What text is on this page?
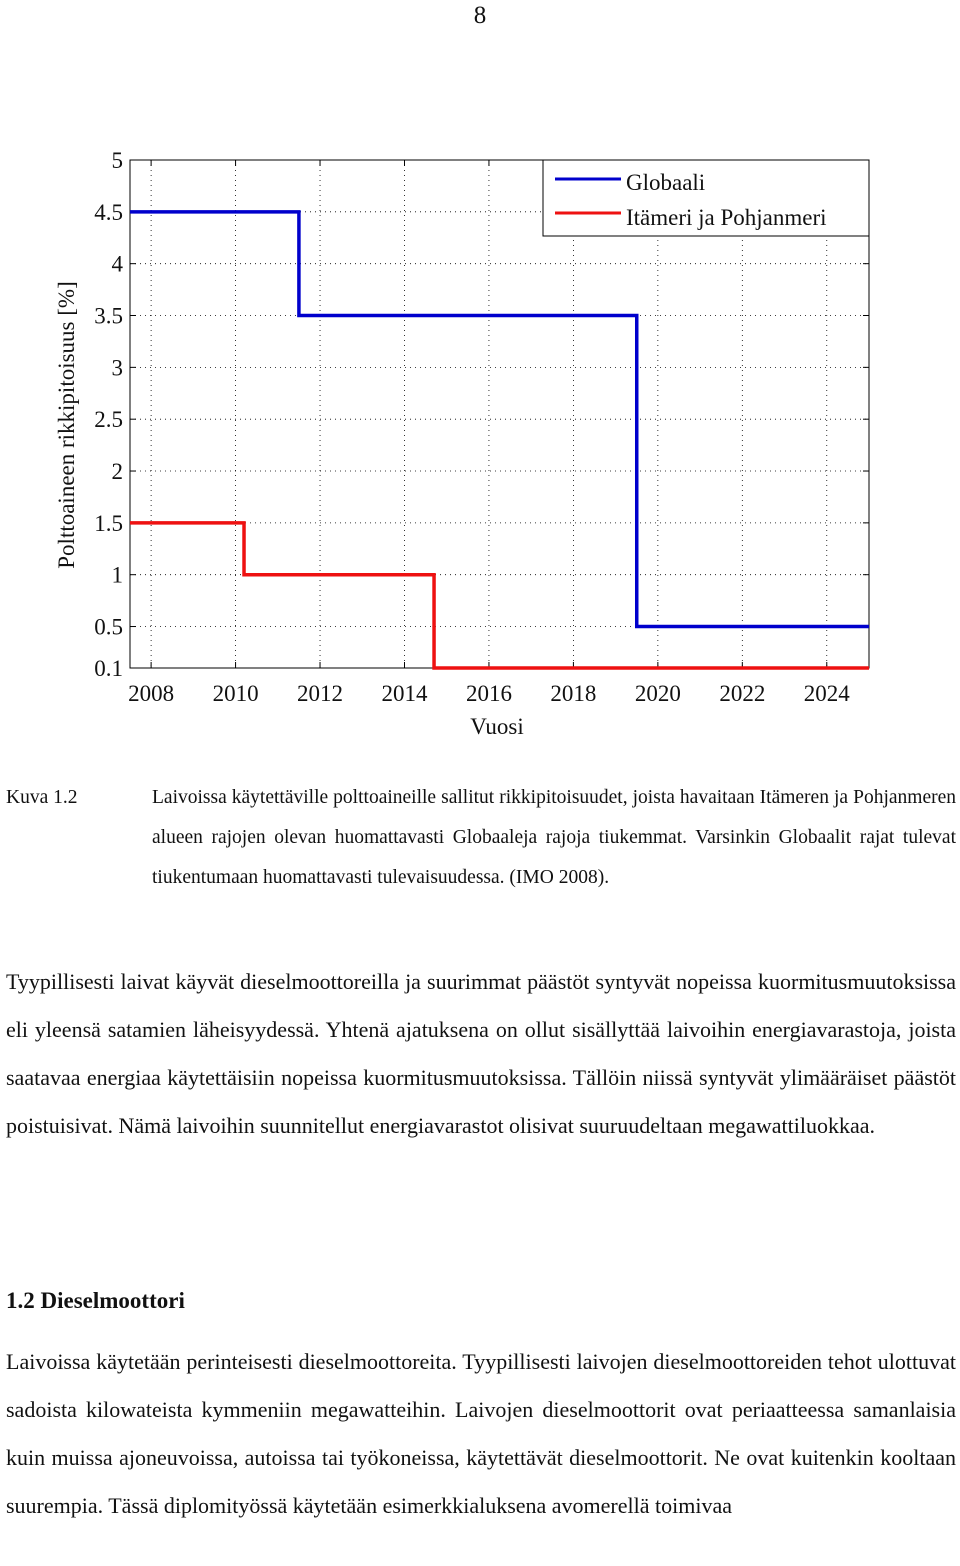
8
0.1
0.5
1
1.5
2
2.5
3
3.5
4
4.5
5
2008 2010 2012 2014 2016 2018 2020 2022 2024
Vuosi
Polttoaineen rikkipitoisuus [%]
Globaali
Itämeri ja Pohjanmeri
Kuva 1.2	Laivoissa käytettäville polttoaineille sallitut rikkipitoisuudet, joista havaitaan Itämeren ja Pohjanmeren alueen rajojen olevan huomattavasti Globaaleja rajoja tiukemmat. Varsinkin Globaalit rajat tulevat tiukentumaan huomattavasti tulevaisuudessa. (IMO 2008).
Tyypillisesti laivat käyvät dieselmoottoreilla ja suurimmat päästöt syntyvät nopeissa kuormitusmuutoksissa eli yleensä satamien läheisyydessä. Yhtenä ajatuksena on ollut sisällyttää laivoihin energiavarastoja, joista saatavaa energiaa käytettäisiin nopeissa kuormitusmuutoksissa. Tällöin niissä syntyvät ylimääräiset päästöt poistuisivat. Nämä laivoihin suunnitellut energiavarastot olisivat suuruudeltaan megawattiluokkaa.
1.2 Dieselmoottori
Laivoissa käytetään perinteisesti dieselmoottoreita. Tyypillisesti laivojen dieselmoottoreiden tehot ulottuvat sadoista kilowateista kymmeniin megawatteihin. Laivojen dieselmoottorit ovat periaatteessa samanlaisia kuin muissa ajoneuvoissa, autoissa tai työkoneissa, käytettävät dieselmoottorit. Ne ovat kuitenkin kooltaan suurempia. Tässä diplomityössä käytetään esimerkkialuksena avomerellä toimivaa
